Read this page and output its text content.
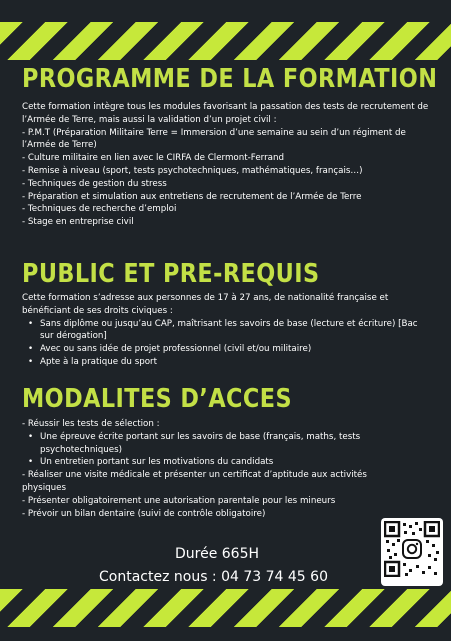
PROGRAMME DE LA FORMATION

Cette formation intègre tous les modules favorisant la passation des tests de recrutement de l’Armée de Terre, mais aussi la validation d’un projet civil :

- P.M.T (Préparation Militaire Terre = Immersion d’une semaine au sein d’un régiment de l’Armée de Terre)

- Culture militaire en lien avec le CIRFA de Clermont-Ferrand

- Remise à niveau (sport, tests psychotechniques, mathématiques, français…)

- Techniques de gestion du stress

- Préparation et simulation aux entretiens de recrutement de l’Armée de Terre

- Techniques de recherche d’emploi

- Stage en entreprise civil

PUBLIC ET PRE-REQUIS

Cette formation s’adresse aux personnes de 17 à 27 ans, de nationalité française et bénéficiant de ses droits civiques :

• Sans diplôme ou jusqu’au CAP, maîtrisant les savoirs de base (lecture et écriture) [Bac sur dérogation]
• Avec ou sans idée de projet professionnel (civil et/ou militaire)
• Apte à la pratique du sport
MODALITES D’ACCES

- Réussir les tests de sélection :

• Une épreuve écrite portant sur les savoirs de base (français, maths, tests psychotechniques)
• Un entretien portant sur les motivations du candidats

- Réaliser une visite médicale et présenter un certificat d’aptitude aux activités physiques

- Présenter obligatoirement une autorisation parentale pour les mineurs

- Prévoir un bilan dentaire (suivi de contrôle obligatoire)

Durée 665H
Contactez nous : 04 73 74 45 60
